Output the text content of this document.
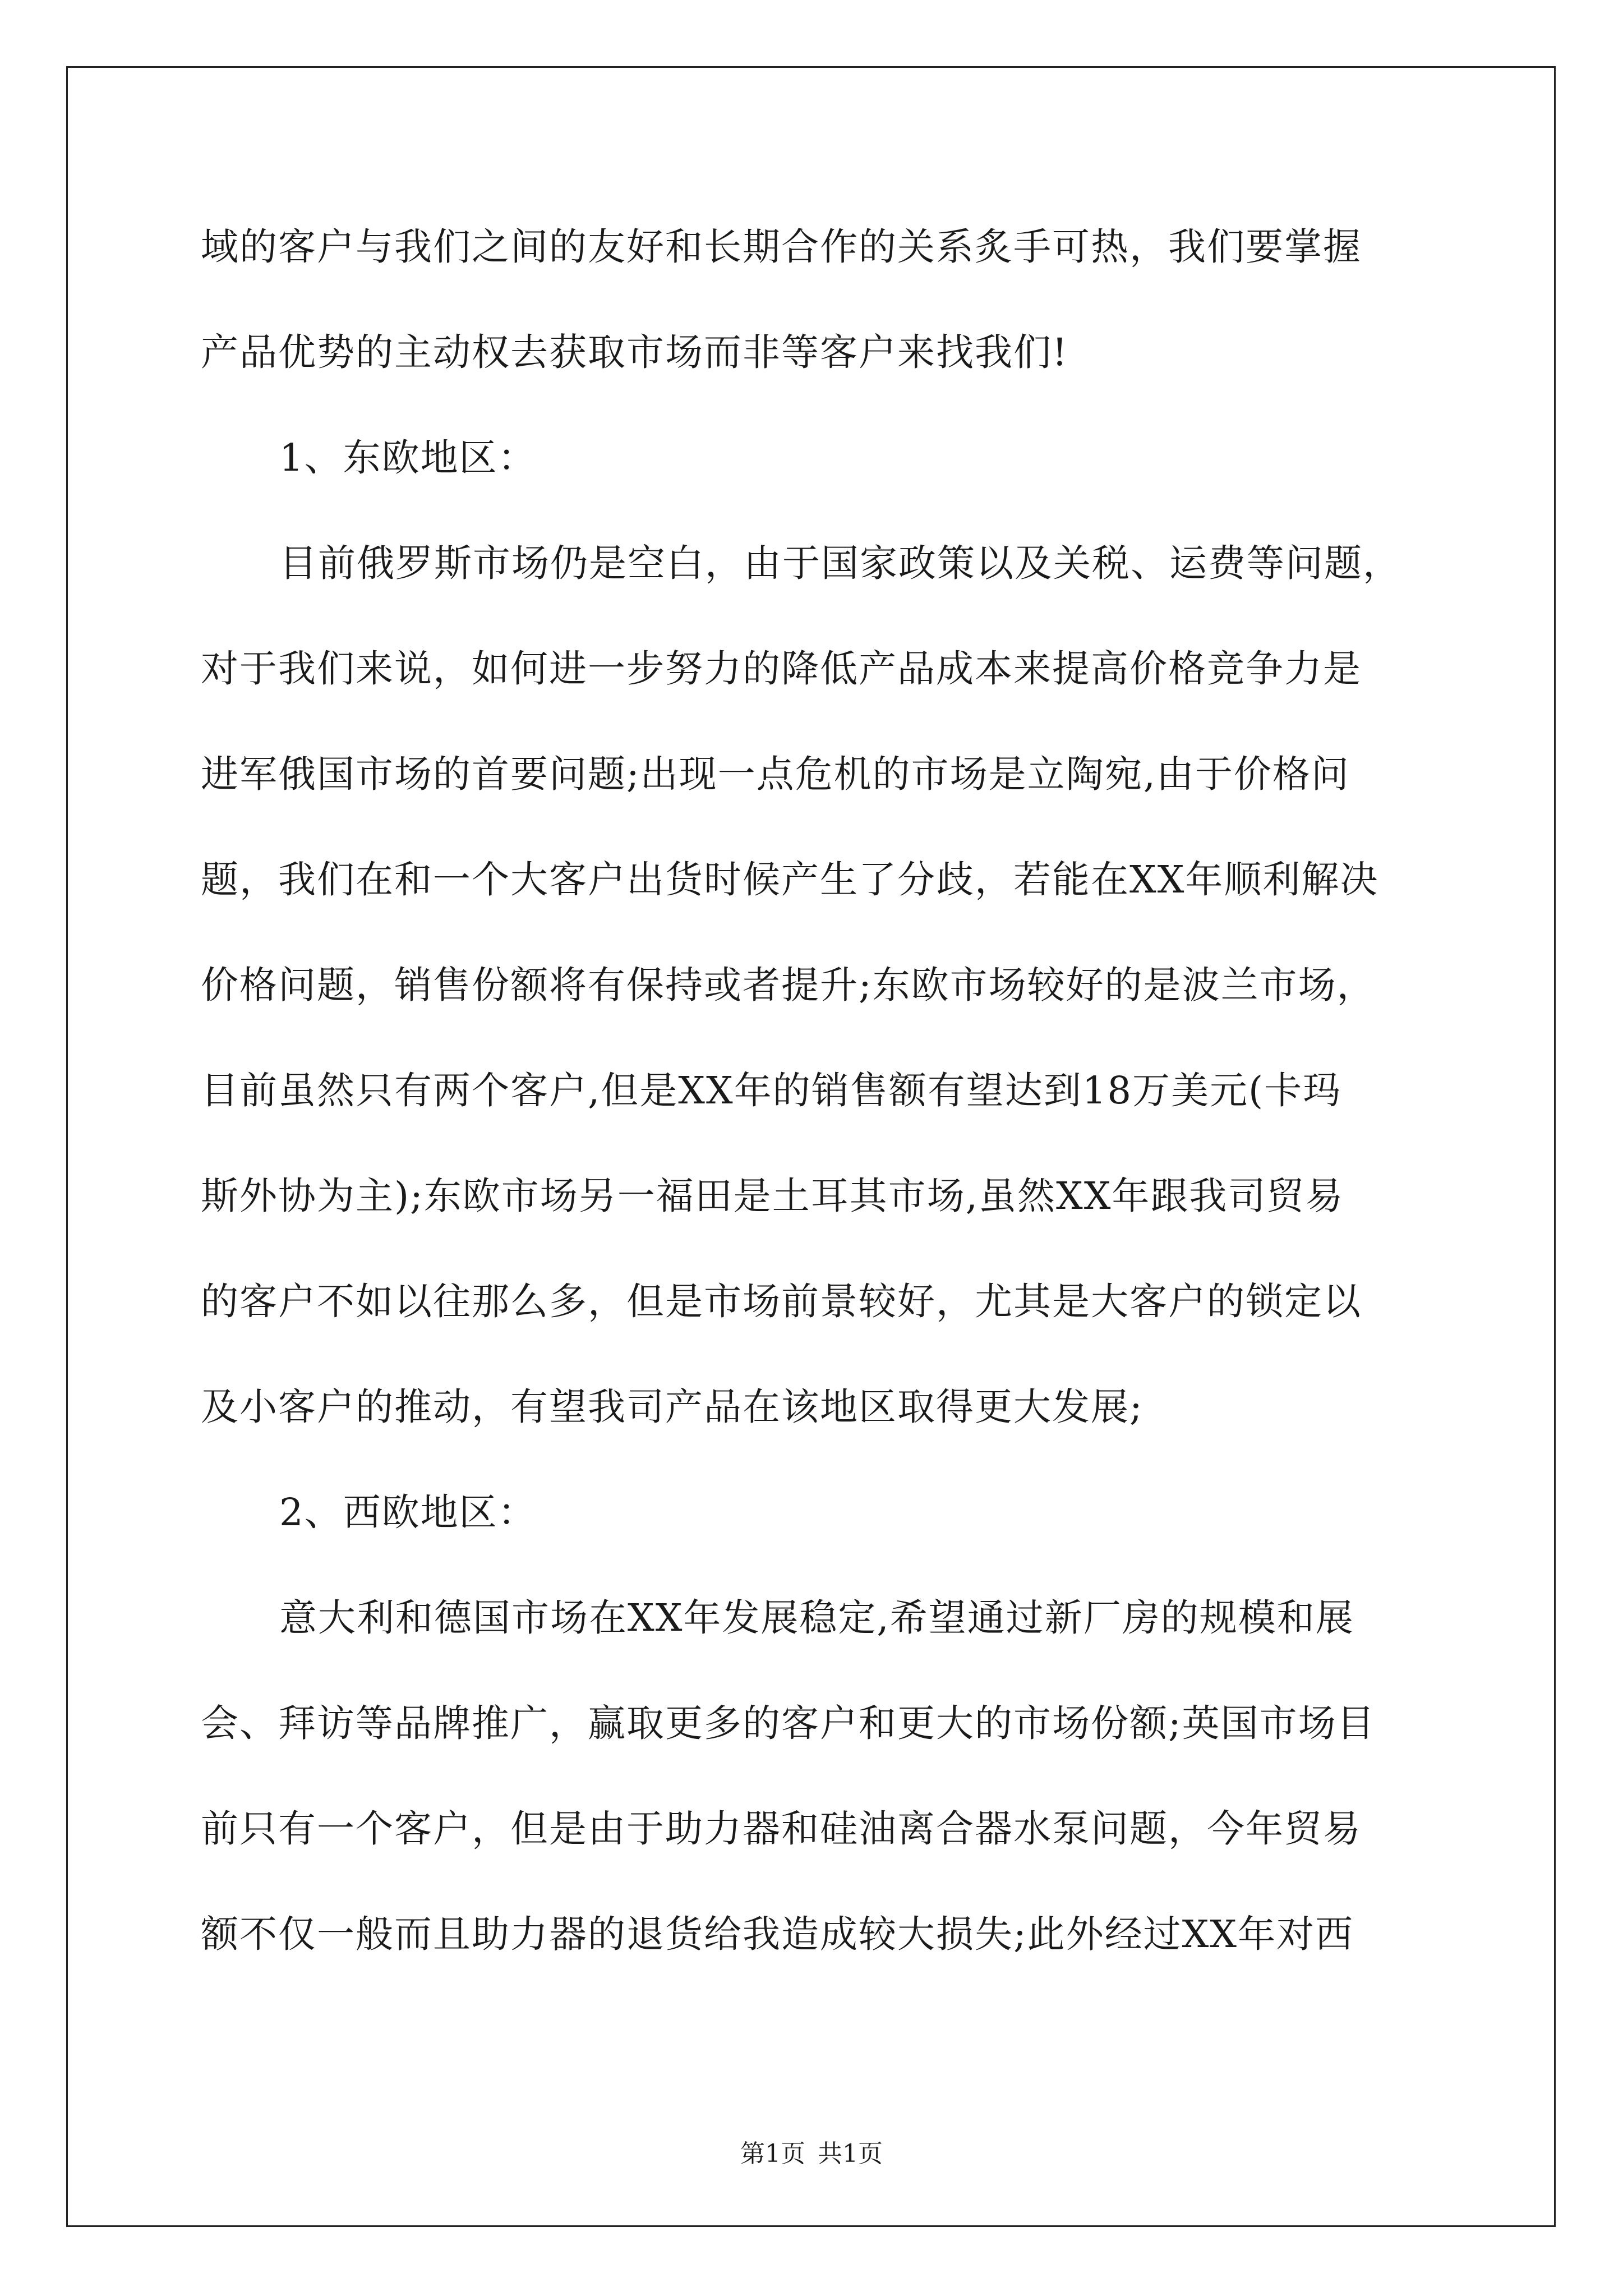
域的客户与我们之间的友好和长期合作的关系炙手可热，我们要掌握
产品优势的主动权去获取市场而非等客户来找我们!
1、东欧地区：
目前俄罗斯市场仍是空白，由于国家政策以及关税、运费等问题，
对于我们来说，如何进一步努力的降低产品成本来提高价格竞争力是
进军俄国市场的首要问题;出现一点危机的市场是立陶宛,由于价格问
题，我们在和一个大客户出货时候产生了分歧，若能在XX年顺利解决
价格问题，销售份额将有保持或者提升;东欧市场较好的是波兰市场，
目前虽然只有两个客户,但是XX年的销售额有望达到18万美元(卡玛
斯外协为主);东欧市场另一福田是土耳其市场,虽然XX年跟我司贸易
的客户不如以往那么多，但是市场前景较好，尤其是大客户的锁定以
及小客户的推动，有望我司产品在该地区取得更大发展;
2、西欧地区：
意大利和德国市场在XX年发展稳定,希望通过新厂房的规模和展
会、拜访等品牌推广，赢取更多的客户和更大的市场份额;英国市场目
前只有一个客户，但是由于助力器和硅油离合器水泵问题，今年贸易
额不仅一般而且助力器的退货给我造成较大损失;此外经过XX年对西
第1页 共1页
